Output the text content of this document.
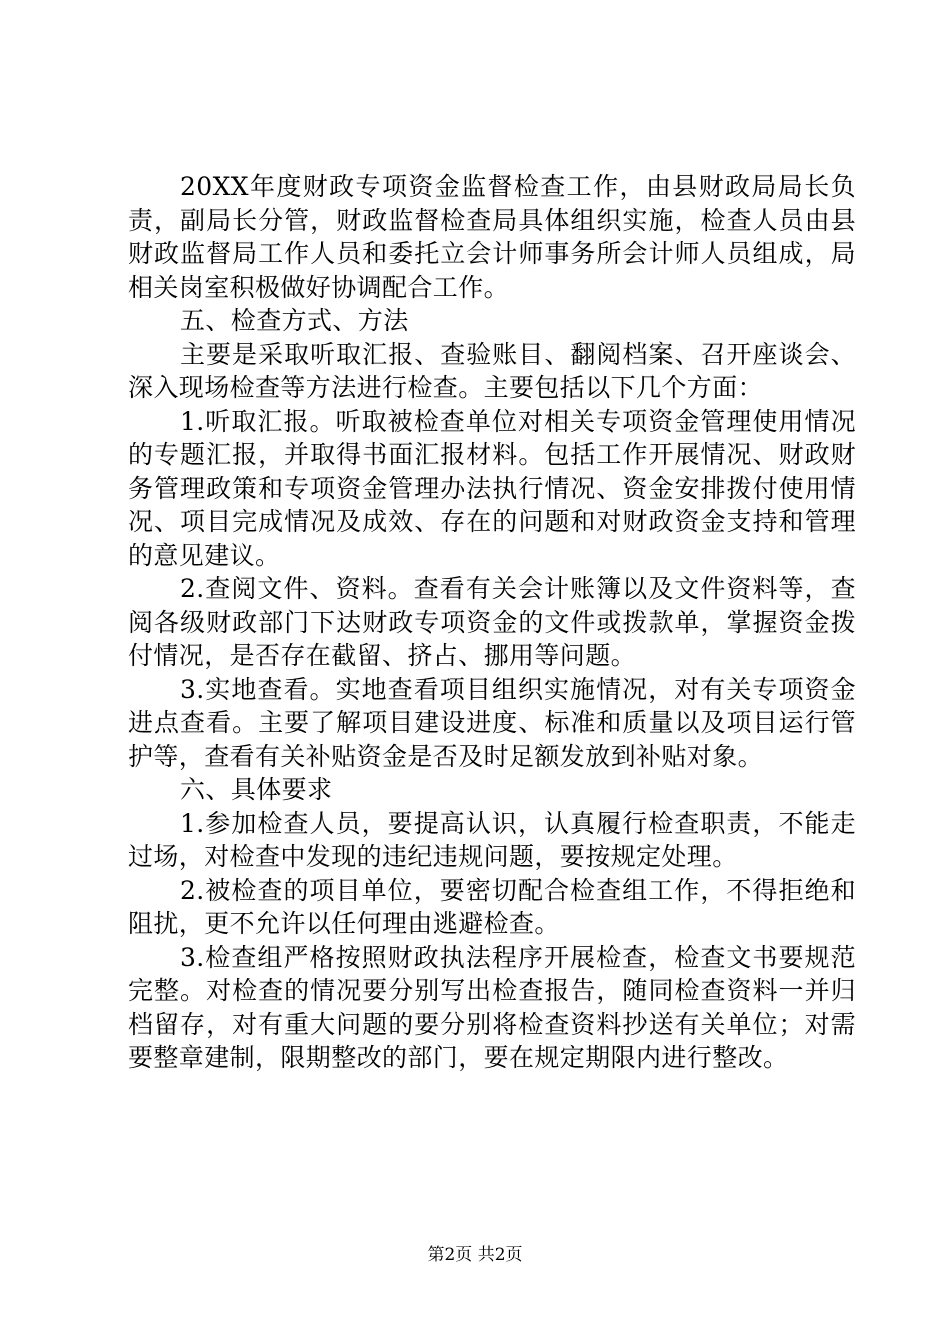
20XX年度财政专项资金监督检查工作，由县财政局局长负责，副局长分管，财政监督检查局具体组织实施，检查人员由县财政监督局工作人员和委托立会计师事务所会计师人员组成，局相关岗室积极做好协调配合工作。

五、检查方式、方法

主要是采取听取汇报、查验账目、翻阅档案、召开座谈会、深入现场检查等方法进行检查。主要包括以下几个方面：

1.听取汇报。听取被检查单位对相关专项资金管理使用情况的专题汇报，并取得书面汇报材料。包括工作开展情况、财政财务管理政策和专项资金管理办法执行情况、资金安排拨付使用情况、项目完成情况及成效、存在的问题和对财政资金支持和管理的意见建议。

2.查阅文件、资料。查看有关会计账簿以及文件资料等，查阅各级财政部门下达财政专项资金的文件或拨款单，掌握资金拨付情况，是否存在截留、挤占、挪用等问题。

3.实地查看。实地查看项目组织实施情况，对有关专项资金进点查看。主要了解项目建设进度、标准和质量以及项目运行管护等，查看有关补贴资金是否及时足额发放到补贴对象。

六、具体要求

1.参加检查人员，要提高认识，认真履行检查职责，不能走过场，对检查中发现的违纪违规问题，要按规定处理。

2.被检查的项目单位，要密切配合检查组工作，不得拒绝和阻扰，更不允许以任何理由逃避检查。

3.检查组严格按照财政执法程序开展检查，检查文书要规范完整。对检查的情况要分别写出检查报告，随同检查资料一并归档留存，对有重大问题的要分别将检查资料抄送有关单位；对需要整章建制，限期整改的部门，要在规定期限内进行整改。

第2页 共2页
